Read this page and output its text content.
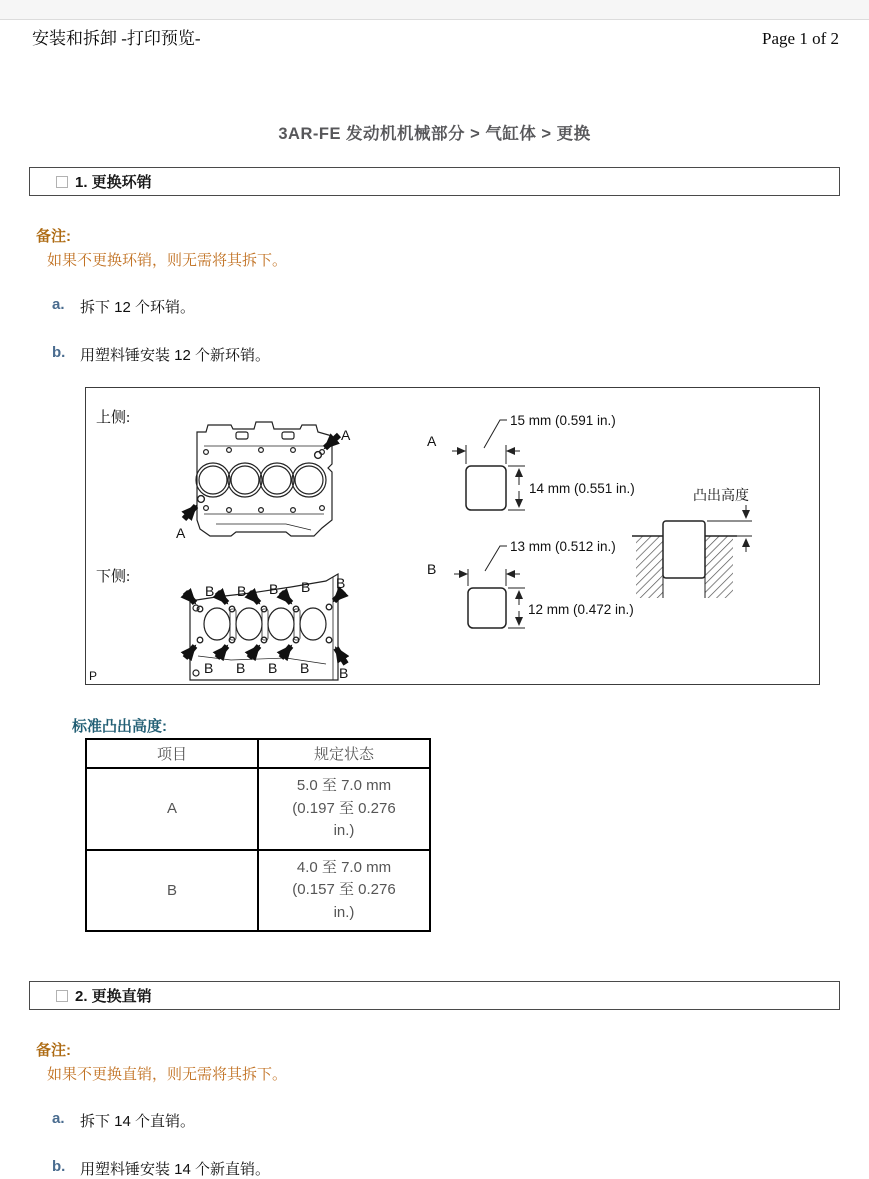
安装和拆卸 -打印预览-	Page 1 of 2
3AR-FE 发动机机械部分 > 气缸体 > 更换
1. 更换环销
备注:
如果不更换环销，则无需将其拆下。
a.	拆下 12 个环销。
b. 用塑料锤安装 12 个新环销。
上侧:
下侧:
A
A
B B B B B
B B B B B
A
15 mm (0.591 in.)
14 mm (0.551 in.)
B
13 mm (0.512 in.)
12 mm (0.472 in.)
凸出高度
P
标准凸出高度:
项目	规定状态
A	5.0 至 7.0 mm (0.197 至 0.276 in.)
B	4.0 至 7.0 mm (0.157 至 0.276 in.)
2. 更换直销
备注:
如果不更换直销，则无需将其拆下。
a.	拆下 14 个直销。
b. 用塑料锤安装 14 个新直销。
